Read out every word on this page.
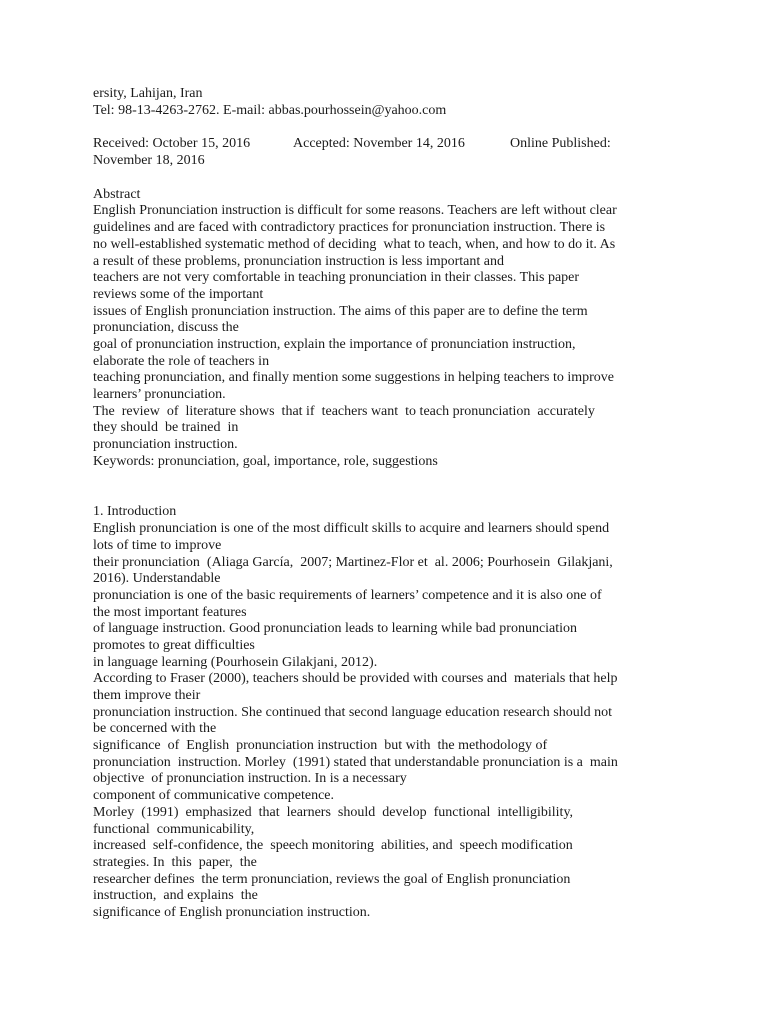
ersity, Lahijan, Iran
Tel: 98-13-4263-2762. E-mail: abbas.pourhossein@yahoo.com
Received: October 15, 2016	Accepted: November 14, 2016	Online Published:
November 18, 2016
Abstract
English Pronunciation instruction is difficult for some reasons. Teachers are left without clear
guidelines and are faced with contradictory practices for pronunciation instruction. There is
no well-established systematic method of deciding  what to teach, when, and how to do it. As
a result of these problems, pronunciation instruction is less important and
teachers are not very comfortable in teaching pronunciation in their classes. This paper
reviews some of the important
issues of English pronunciation instruction. The aims of this paper are to define the term
pronunciation, discuss the
goal of pronunciation instruction, explain the importance of pronunciation instruction,
elaborate the role of teachers in
teaching pronunciation, and finally mention some suggestions in helping teachers to improve
learners’ pronunciation.
The  review  of  literature shows  that if  teachers want  to teach pronunciation  accurately
they should  be trained  in
pronunciation instruction.
Keywords: pronunciation, goal, importance, role, suggestions
1. Introduction
English pronunciation is one of the most difficult skills to acquire and learners should spend
lots of time to improve
their pronunciation  (Aliaga García,  2007; Martinez-Flor et  al. 2006; Pourhosein  Gilakjani,
2016). Understandable
pronunciation is one of the basic requirements of learners’ competence and it is also one of
the most important features
of language instruction. Good pronunciation leads to learning while bad pronunciation
promotes to great difficulties
in language learning (Pourhosein Gilakjani, 2012).
According to Fraser (2000), teachers should be provided with courses and  materials that help
them improve their
pronunciation instruction. She continued that second language education research should not
be concerned with the
significance  of  English  pronunciation instruction  but with  the methodology of
pronunciation  instruction. Morley  (1991) stated that understandable pronunciation is a  main
objective  of pronunciation instruction. In is a necessary
component of communicative competence.
Morley  (1991)  emphasized  that  learners  should  develop  functional  intelligibility,
functional  communicability,
increased  self-confidence, the  speech monitoring  abilities, and  speech modification
strategies. In  this  paper,  the
researcher defines  the term pronunciation, reviews the goal of English pronunciation
instruction,  and explains  the
significance of English pronunciation instruction.
